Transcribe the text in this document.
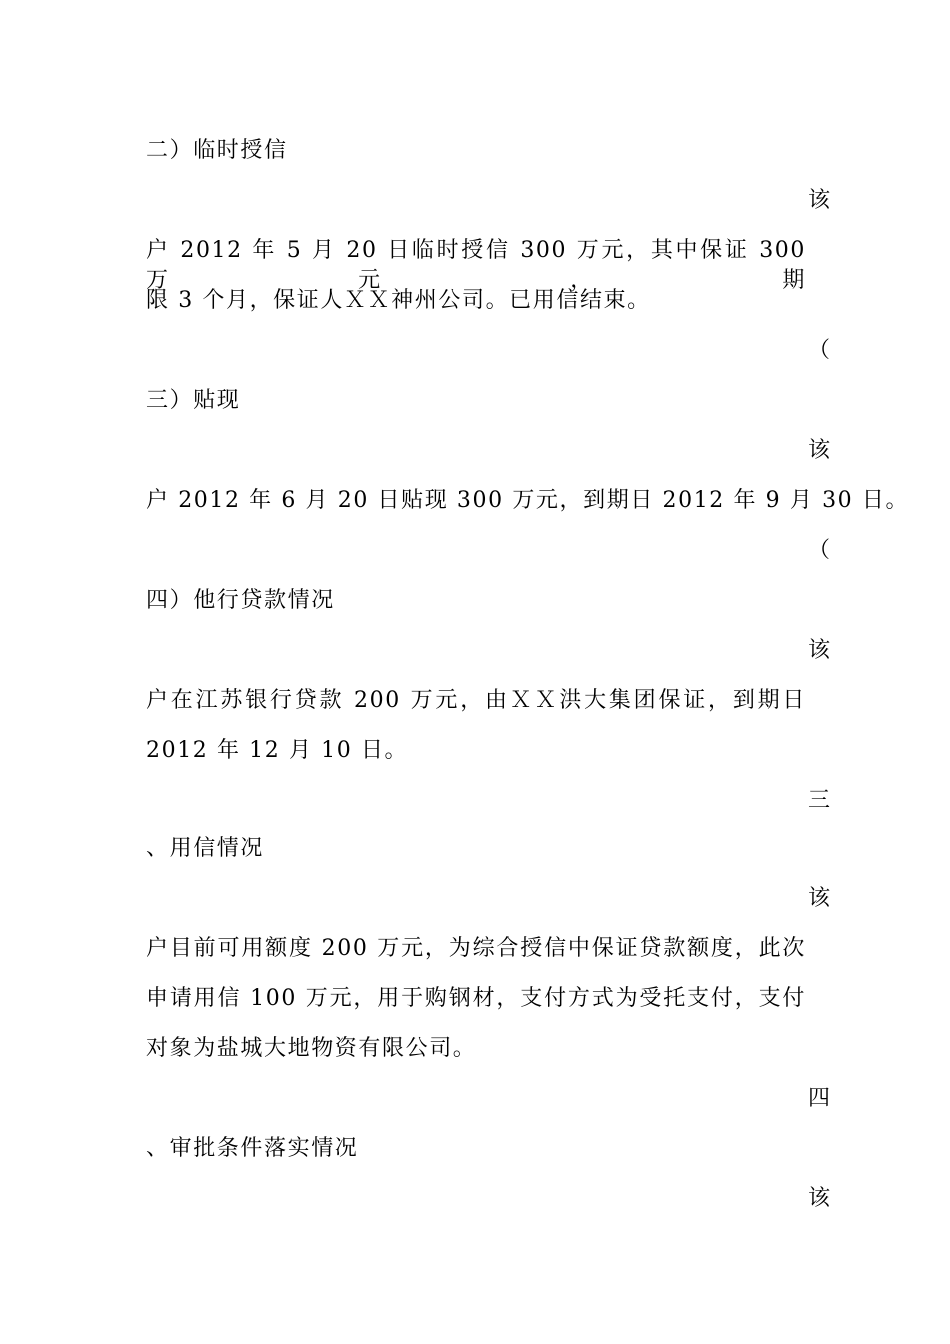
二）临时授信
该
户 2012 年 5 月 20 日临时授信 300 万元，其中保证 300 万元，期
限 3 个月，保证人ＸＸ神州公司。已用信结束。
（
三）贴现
该
户 2012 年 6 月 20 日贴现 300 万元，到期日 2012 年 9 月 30 日。
（
四）他行贷款情况
该
户在江苏银行贷款 200 万元，由ＸＸ洪大集团保证，到期日
2012 年 12 月 10 日。
三
、用信情况
该
户目前可用额度 200 万元，为综合授信中保证贷款额度，此次
申请用信 100 万元，用于购钢材，支付方式为受托支付，支付
对象为盐城大地物资有限公司。
四
、审批条件落实情况
该
